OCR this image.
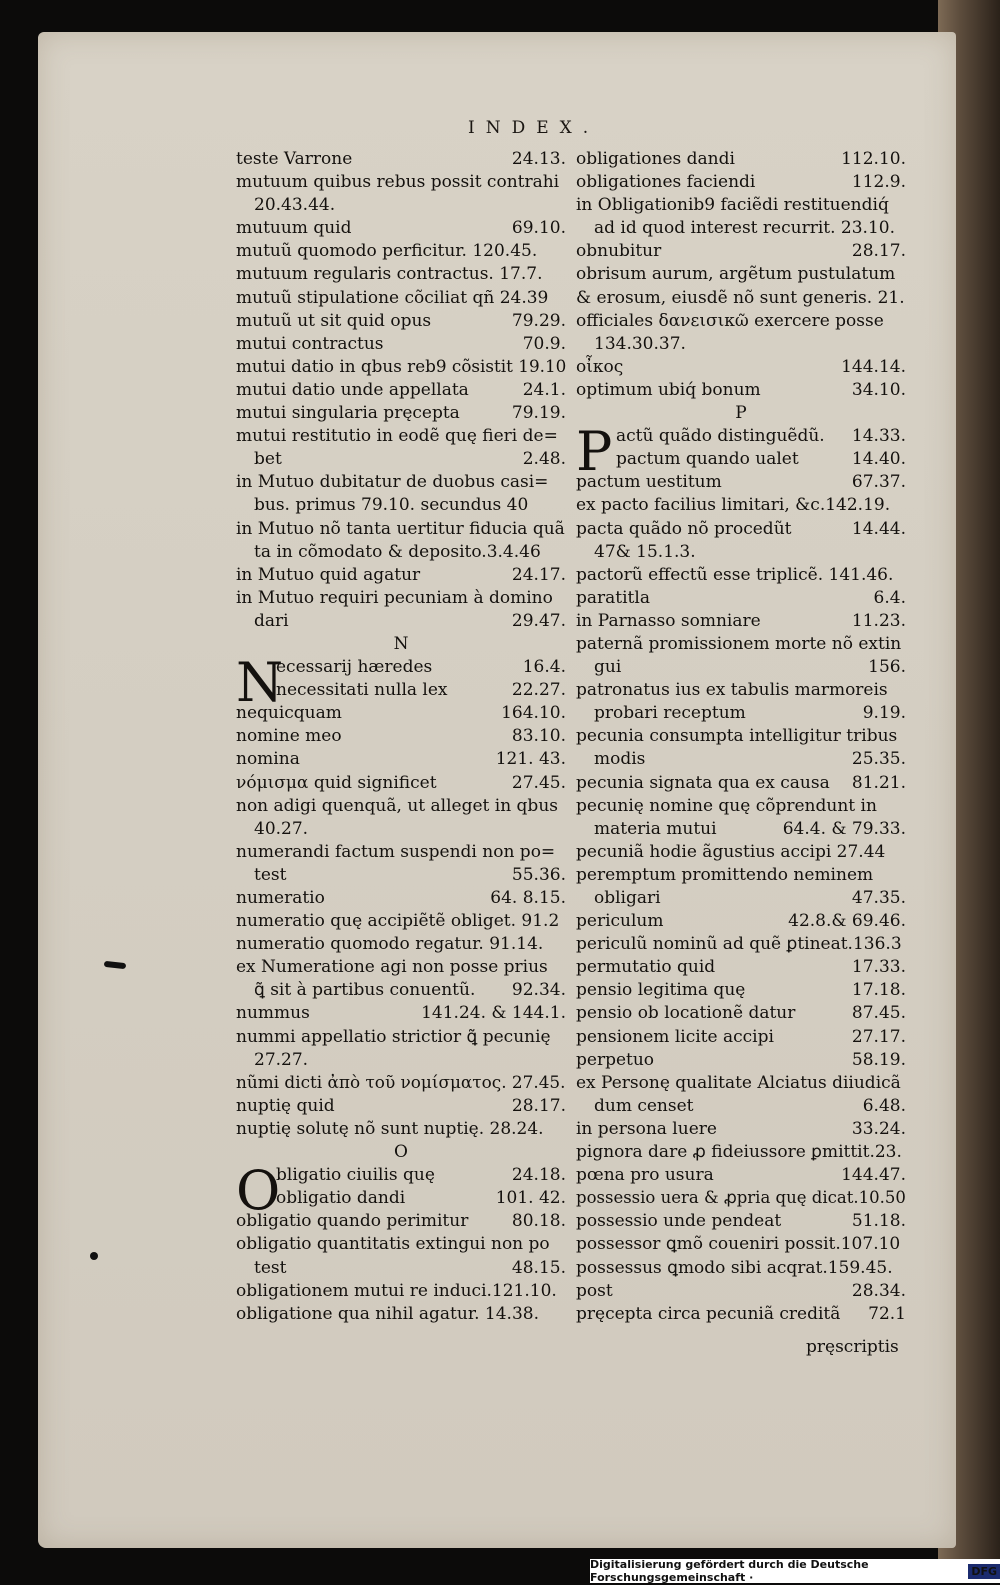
INDEX.
teste Varrone	24.13.
mutuum quibus rebus possit contrahi
20.43.44.
mutuum quid	69.10.
mutuũ quomodo perficitur. 120.45.
mutuum regularis contractus. 17.7.
mutuũ stipulatione cõciliat qñ 24.39
mutuũ ut sit quid opus	79.29.
mutui contractus	70.9.
mutui datio in qbus reb9 cõsistit 19.10
mutui datio unde appellata	24.1.
mutui singularia pręcepta	79.19.
mutui restitutio in eodẽ quę fieri de=
bet	2.48.
in Mutuo dubitatur de duobus casi=
bus. primus 79.10. secundus 40
in Mutuo nõ tanta uertitur fiducia quã
ta in cõmodato & deposito.3.4.46
in Mutuo quid agatur	24.17.
in Mutuo requiri pecuniam à domino
dari	29.47.
N
N
ecessarij hæredes	16.4.
necessitati nulla lex	22.27.
nequicquam	164.10.
nomine meo	83.10.
nomina	121. 43.
νόμισμα quid significet	27.45.
non adigi quenquã, ut alleget in qbus
40.27.
numerandi factum suspendi non po=
test	55.36.
numeratio	64. 8.15.
numeratio quę accipiẽtẽ obliget. 91.2
numeratio quomodo regatur. 91.14.
ex Numeratione agi non posse prius
ꝗ̃ sit à partibus conuentũ. 92.34.
nummus	141.24. & 144.1.
nummi appellatio strictior ꝗ̃ pecunię
27.27.
nũmi dicti ἀπὸ τοῦ νομίσματος. 27.45.
nuptię quid	28.17.
nuptię solutę nõ sunt nuptię. 28.24.
O
O
bligatio ciuilis quę	24.18.
obligatio dandi	101. 42.
obligatio quando perimitur	80.18.
obligatio quantitatis extingui non po
test	48.15.
obligationem mutui re induci.121.10.
obligatione qua nihil agatur. 14.38.
obligationes dandi	112.10.
obligationes faciendi	112.9.
in Obligationib9 faciẽdi restituendiq́
ad id quod interest recurrit. 23.10.
obnubitur	28.17.
obrisum aurum, argẽtum pustulatum
& erosum, eiusdẽ nõ sunt generis. 21.
officiales δανεισικῶ exercere posse
134.30.37.
οἶκος	144.14.
optimum ubiq́ bonum	34.10.
P
P actũ quãdo distinguẽdũ. 14.33.
pactum quando ualet	14.40.
pactum uestitum	67.37.
ex pacto facilius limitari, &c.142.19.
pacta quãdo nõ procedũt	14.44.
47& 15.1.3.
pactorũ effectũ esse triplicẽ. 141.46.
paratitla	6.4.
in Parnasso somniare	11.23.
paternã promissionem morte nõ extin
gui	156.
patronatus ius ex tabulis marmoreis
probari receptum	9.19.
pecunia consumpta intelligitur tribus
modis	25.35.
pecunia signata qua ex causa 81.21.
pecunię nomine quę cõprendunt in
materia mutui	64.4. & 79.33.
pecuniã hodie ãgustius accipi 27.44
peremptum promittendo neminem
obligari	47.35.
periculum	42.8.& 69.46.
periculũ nominũ ad quẽ ꝑtineat.136.3
permutatio quid	17.33.
pensio legitima quę	17.18.
pensio ob locationẽ datur	87.45.
pensionem licite accipi	27.17.
perpetuo	58.19.
ex Personę qualitate Alciatus diiudicã
dum censet	6.48.
in persona luere	33.24.
pignora dare ꝓ fideiussore ꝑmittit.23.
pœna pro usura	144.47.
possessio uera & ꝓpria quę dicat.10.50
possessio unde pendeat	51.18.
possessor ꝗmõ coueniri possit.107.10
possessus ꝗmodo sibi acqrat.159.45.
post	28.34.
pręcepta circa pecuniã creditã 72.1
pręscriptis
Digitalisierung gefördert durch die Deutsche Forschungsgemeinschaft ·	DFG
